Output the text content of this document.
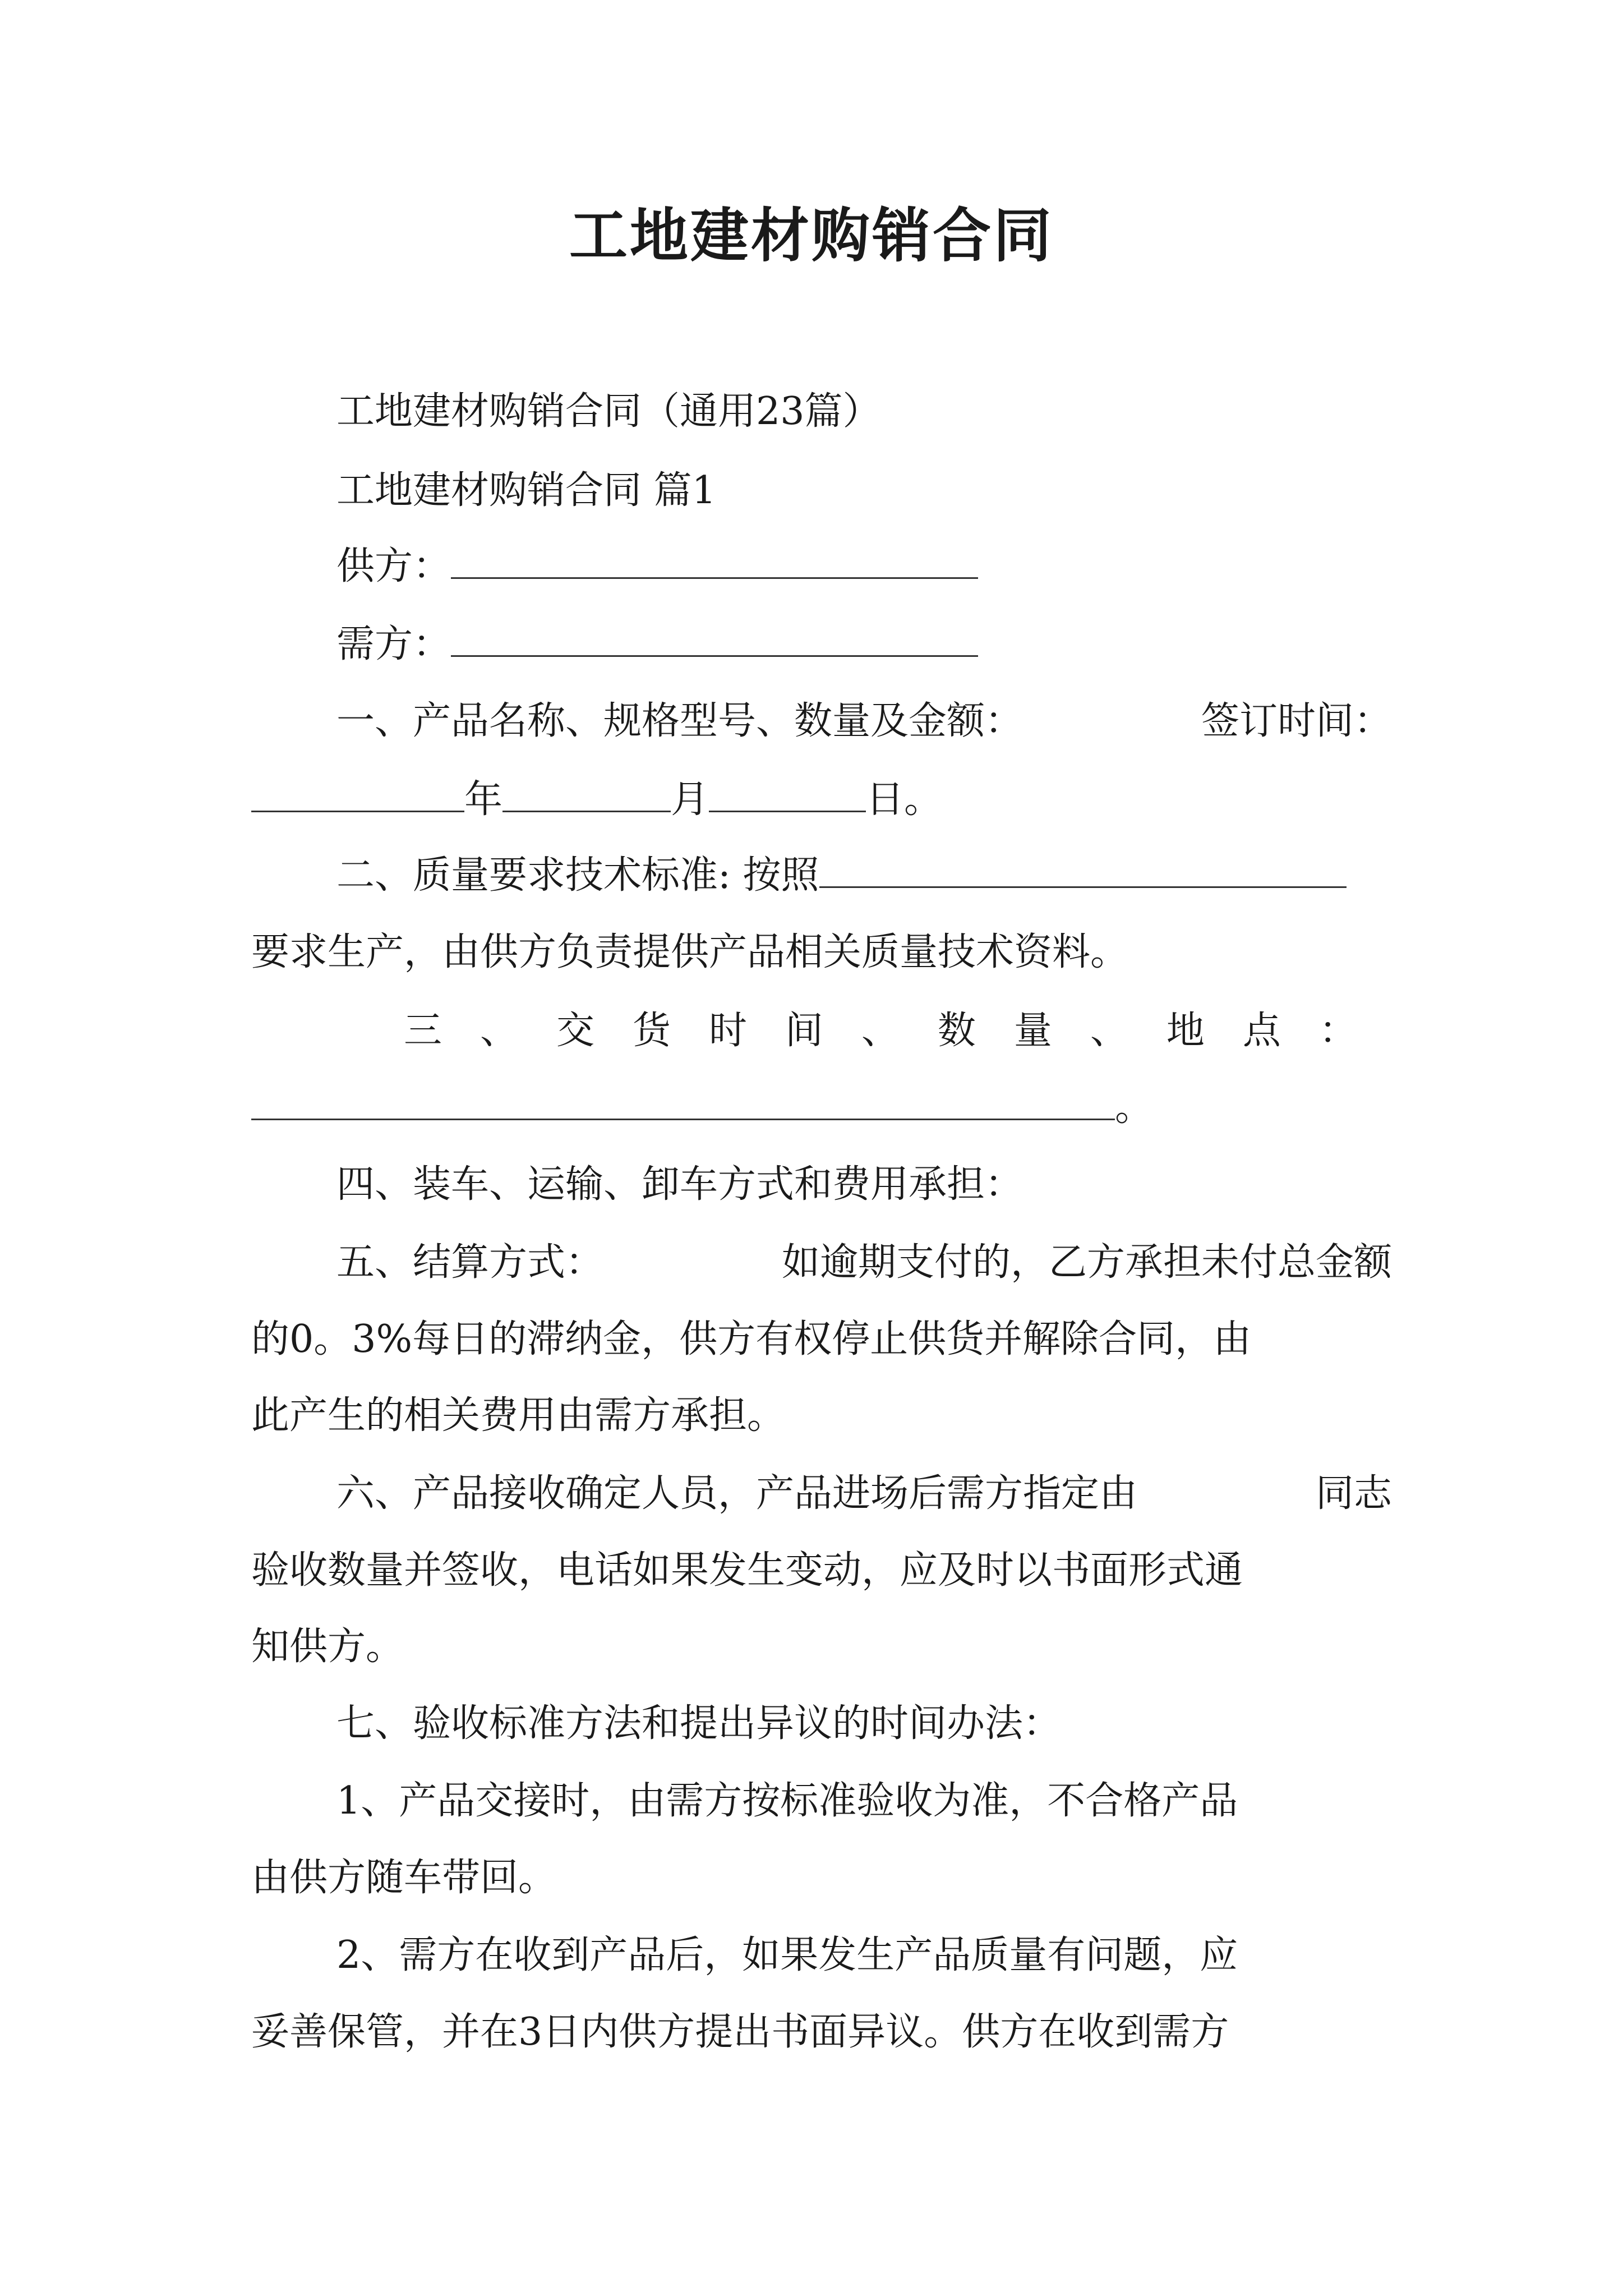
工地建材购销合同
工地建材购销合同（通用23篇）
工地建材购销合同 篇1
供方：
需方：
一、产品名称、规格型号、数量及金额：	签订时间：
年	月	日。
二、质量要求技术标准: 按照
要求生产，由供方负责提供产品相关质量技术资料。
三 、 交 货 时 间 、 数 量 、 地 点 ：
。
四、装车、运输、卸车方式和费用承担：
五、结算方式：	如逾期支付的，乙方承担未付总金额
的0。3%每日的滞纳金，供方有权停止供货并解除合同，由
此产生的相关费用由需方承担。
六、产品接收确定人员，产品进场后需方指定由	同志
验收数量并签收，电话如果发生变动，应及时以书面形式通
知供方。
七、验收标准方法和提出异议的时间办法：
1、产品交接时，由需方按标准验收为准，不合格产品
由供方随车带回。
2、需方在收到产品后，如果发生产品质量有问题，应
妥善保管，并在3日内供方提出书面异议。供方在收到需方
